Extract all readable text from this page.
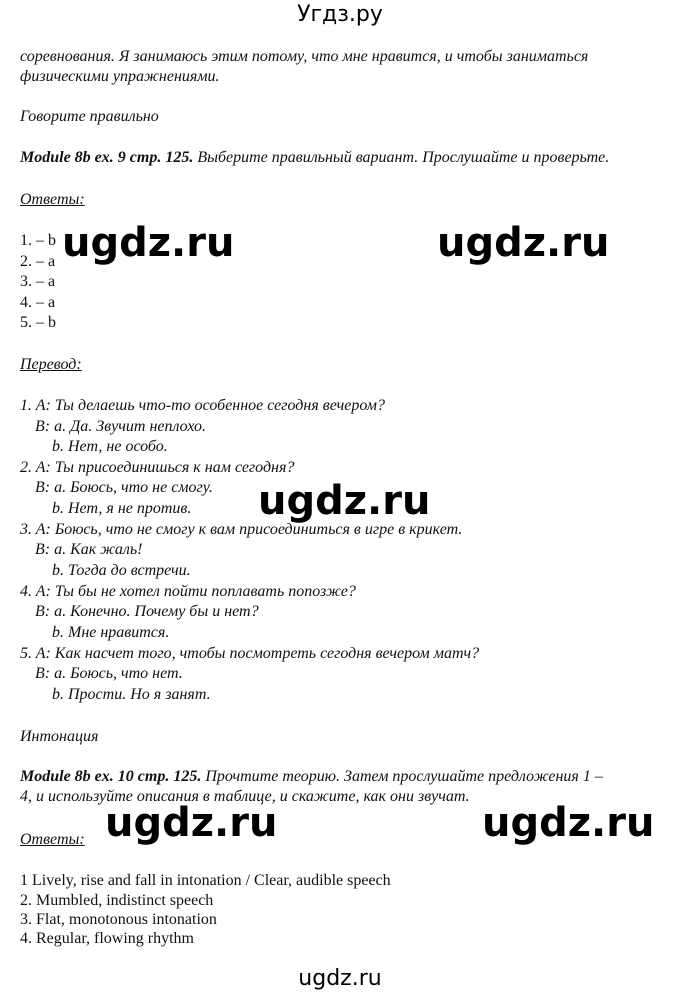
Угдз.ру
соревнования. Я занимаюсь этим потому, что мне нравится, и чтобы заниматься
физическими упражнениями.
Говорите правильно
Module 8b ex. 9 стр. 125. Выберите правильный вариант. Прослушайте и проверьте.
Ответы:
1. – b
2. – a
3. – a
4. – a
5. – b
Перевод:
1. A: Ты делаешь что-то особенное сегодня вечером?
B: a. Да. Звучит неплохо.
b. Нет, не особо.
2. A: Ты присоединишься к нам сегодня?
B: a. Боюсь, что не смогу.
b. Нет, я не против.
3. A: Боюсь, что не смогу к вам присоединиться в игре в крикет.
B: a. Как жаль!
b. Тогда до встречи.
4. A: Ты бы не хотел пойти поплавать попозже?
B: a. Конечно. Почему бы и нет?
b. Мне нравится.
5. A: Как насчет того, чтобы посмотреть сегодня вечером матч?
B: a. Боюсь, что нет.
b. Прости. Но я занят.
Интонация
Module 8b ex. 10 стр. 125. Прочтите теорию. Затем прослушайте предложения 1 –
4, и используйте описания в таблице, и скажите, как они звучат.
Ответы:
1 Lively, rise and fall in intonation / Clear, audible speech
2. Mumbled, indistinct speech
3. Flat, monotonous intonation
4. Regular, flowing rhythm
ugdz.ru	ugdz.ru
ugdz.ru
ugdz.ru	ugdz.ru
ugdz.ru
